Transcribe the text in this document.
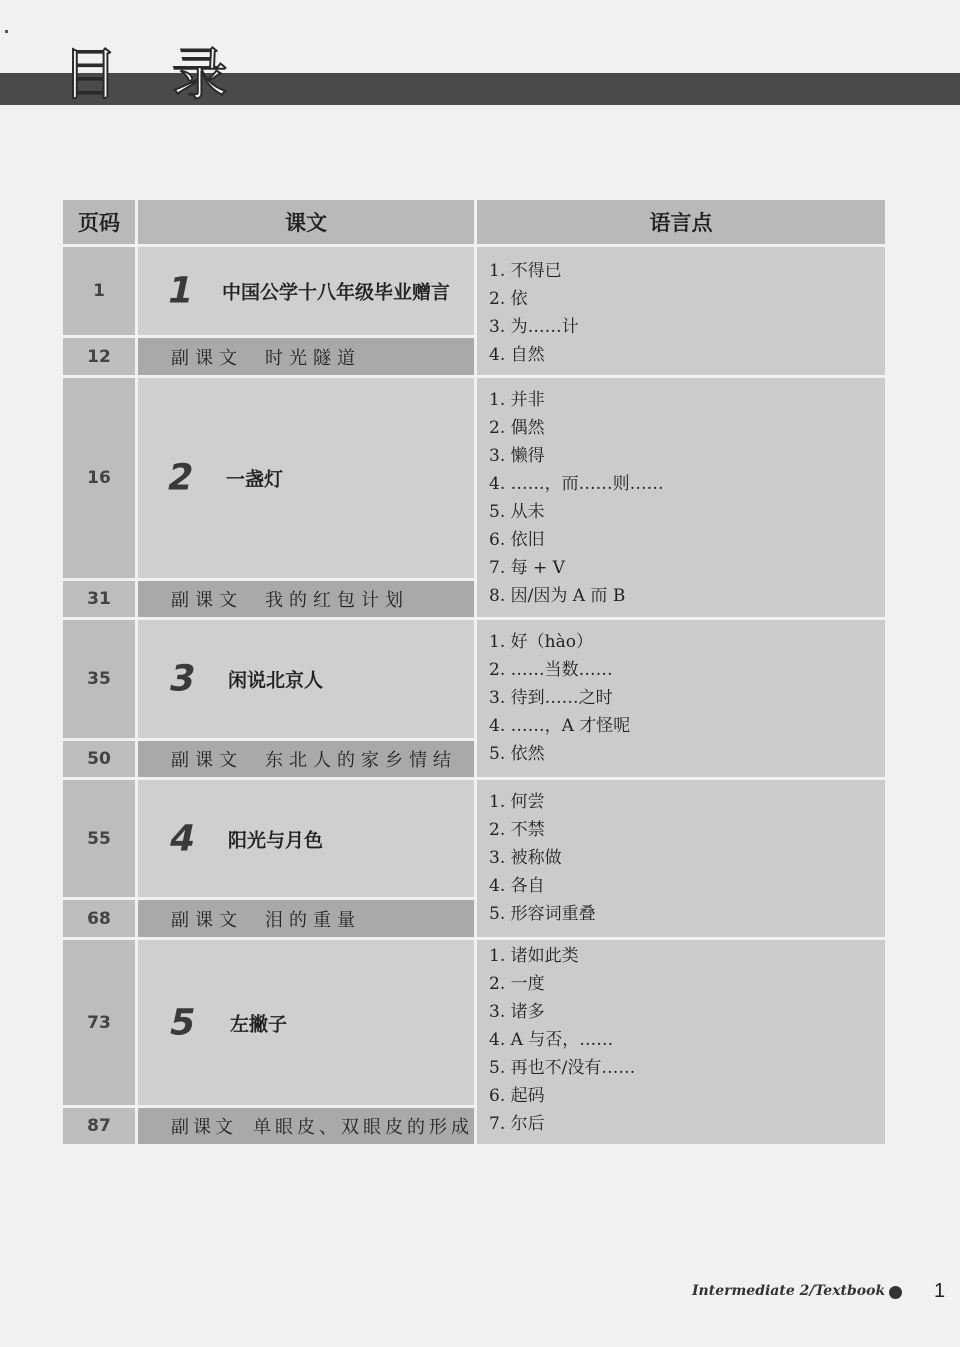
目 录
页码	课文	语言点
1	1 中国公学十八年级毕业赠言
12	副课文 时光隧道
1. 不得已
2. 依
3. 为……计
4. 自然
16	2 一盏灯
31	副课文 我的红包计划
1. 并非
2. 偶然
3. 懒得
4. ……，而……则……
5. 从未
6. 依旧
7. 每 + V
8. 因/因为 A 而 B
35	3 闲说北京人
50	副课文 东北人的家乡情结
1. 好（hào）
2. ……当数……
3. 待到……之时
4. ……，A 才怪呢
5. 依然
55	4 阳光与月色
68	副课文 泪的重量
1. 何尝
2. 不禁
3. 被称做
4. 各自
5. 形容词重叠
73	5 左撇子
87	副课文 单眼皮、双眼皮的形成
1. 诸如此类
2. 一度
3. 诸多
4. A 与否，……
5. 再也不/没有……
6. 起码
7. 尔后
Intermediate 2/Textbook 1
